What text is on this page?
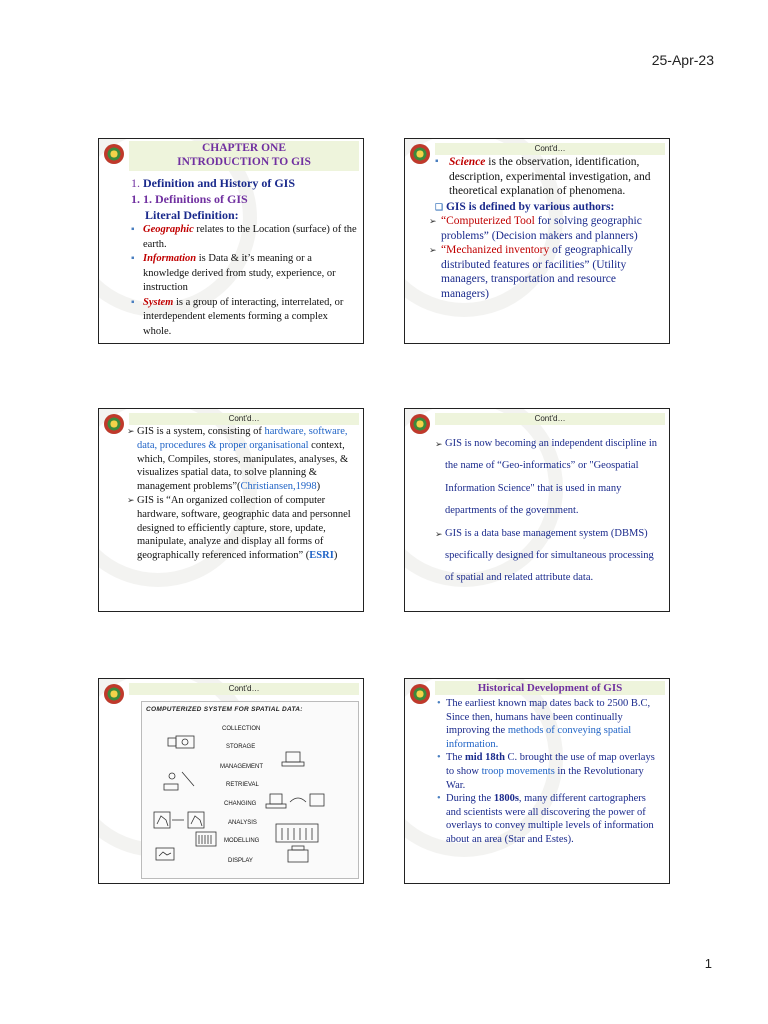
25-Apr-23
CHAPTER ONE
INTRODUCTION TO GIS
1. Definition and History of GIS
1. 1. Definitions of GIS
Literal Definition:
▪ Geographic relates to the Location (surface) of the earth.
▪ Information is Data & it’s meaning or a knowledge derived from study, experience, or instruction
▪ System is a group of interacting, interrelated, or interdependent elements forming a complex whole.
Cont'd…
▪ Science is the observation, identification, description, experimental investigation, and theoretical explanation of phenomena.
❏ GIS is defined by various authors:
➢ “Computerized Tool for solving geographic problems” (Decision makers and planners)
➢ “Mechanized inventory of geographically distributed features or facilities” (Utility managers, transportation and resource managers)
Cont'd…
➢ GIS is a system, consisting of hardware, software, data, procedures & proper organisational context, which, Compiles, stores, manipulates, analyses, & visualizes spatial data, to solve planning & management problems”(Christiansen,1998)
➢ GIS is “An organized collection of computer hardware, software, geographic data and personnel designed to efficiently capture, store, update, manipulate, analyze and display all forms of geographically referenced information” (ESRI)
Cont'd…
➢ GIS is now becoming an independent discipline in the name of “Geo-informatics” or "Geospatial Information Science" that is used in many departments of the government.
➢ GIS is a data base management system (DBMS) specifically designed for simultaneous processing of spatial and related attribute data.
Cont'd…
COMPUTERIZED SYSTEM FOR SPATIAL DATA:
COLLECTION
STORAGE
MANAGEMENT
RETRIEVAL
CHANGING
ANALYSIS
MODELLING
DISPLAY
Historical Development of GIS
• The earliest known map dates back to 2500 B.C, Since then, humans have been continually improving the methods of conveying spatial information.
• The mid 18th C. brought the use of map overlays to show troop movements in the Revolutionary War.
• During the 1800s, many different cartographers and scientists were all discovering the power of overlays to convey multiple levels of information about an area (Star and Estes).
1
